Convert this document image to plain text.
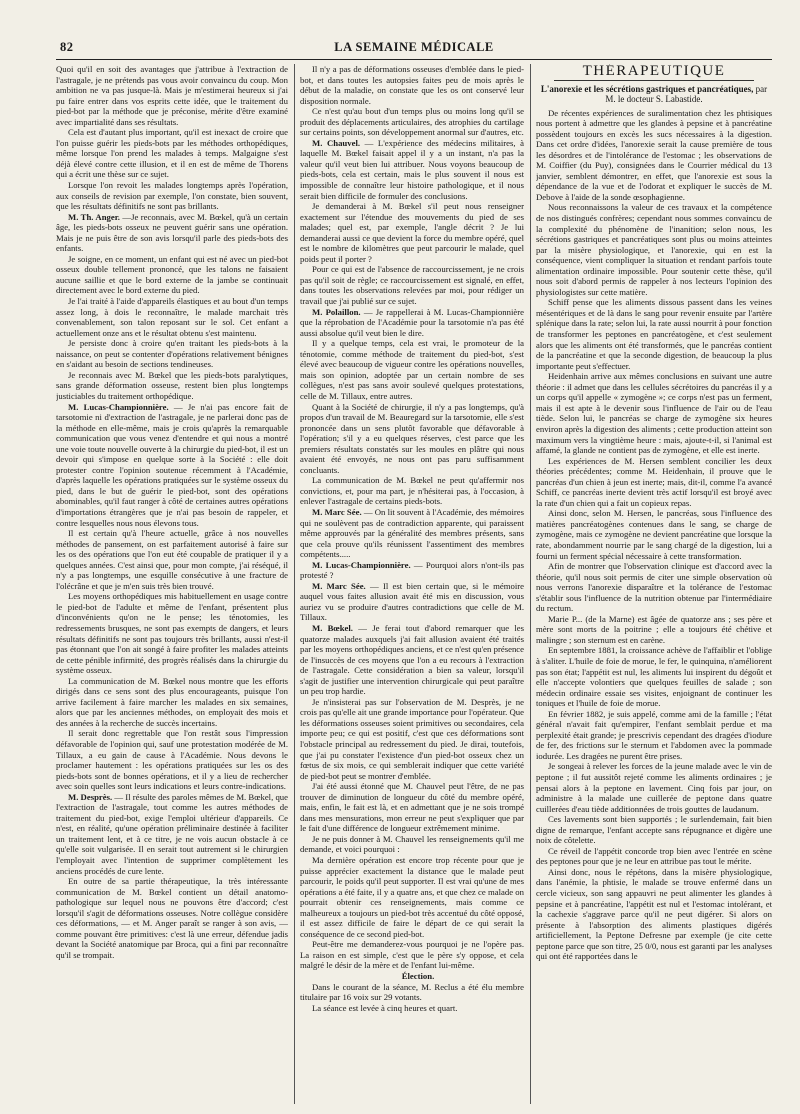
82	LA SEMAINE MÉDICALE

Quoi qu'il en soit des avantages que j'attribue à l'extraction de l'astragale, je ne prétends pas vous avoir convaincu du coup. Mon ambition ne va pas jusque-là. Mais je m'estimerai heureux si j'ai pu faire entrer dans vos esprits cette idée, que le traitement du pied-bot par la méthode que je préconise, mérite d'être examiné avec impartialité dans ses résultats.

Cela est d'autant plus important, qu'il est inexact de croire que l'on puisse guérir les pieds-bots par les méthodes orthopédiques, même lorsque l'on prend les malades à temps. Malgaigne s'est déjà élevé contre cette illusion, et il en est de même de Thorens qui a écrit une thèse sur ce sujet.

Lorsque l'on revoit les malades longtemps après l'opération, aux conseils de revision par exemple, l'on constate, bien souvent, que les résultats définitifs ne sont pas brillants.

M. Th. Anger. —Je reconnais, avec M. Bœkel, qu'à un certain âge, les pieds-bots osseux ne peuvent guérir sans une opération. Mais je ne puis être de son avis lorsqu'il parle des pieds-bots des enfants.

Je soigne, en ce moment, un enfant qui est né avec un pied-bot osseux double tellement prononcé, que les talons ne faisaient aucune saillie et que le bord externe de la jambe se continuait directement avec le bord externe du pied.

Je l'ai traité à l'aide d'appareils élastiques et au bout d'un temps assez long, à dois le reconnaître, le malade marchait très convenablement, son talon reposant sur le sol. Cet enfant a actuellement onze ans et le résultat obtenu s'est maintenu.

Je persiste donc à croire qu'en traitant les pieds-bots à la naissance, on peut se contenter d'opérations relativement bénignes en s'aidant au besoin de sections tendineuses.

Je reconnais avec M. Bœkel que les pieds-bots paralytiques, sans grande déformation osseuse, restent bien plus longtemps justiciables du traitement orthopédique.

M. Lucas-Championnière. — Je n'ai pas encore fait de tarsotomie ni d'extraction de l'astragale, je ne parlerai donc pas de la méthode en elle-même, mais je crois qu'après la remarquable communication que vous venez d'entendre et qui nous a montré une voie toute nouvelle ouverte à la chirurgie du pied-bot, il est un devoir qui s'impose en quelque sorte à la Société : elle doit protester contre l'opinion soutenue récemment à l'Académie, d'après laquelle les opérations pratiquées sur le système osseux du pied, dans le but de guérir le pied-bot, sont des opérations abominables, qu'il faut ranger à côté de certaines autres opérations d'importations étrangères que je n'ai pas besoin de rappeler, et contre lesquelles nous nous élevons tous.

Il est certain qu'à l'heure actuelle, grâce à nos nouvelles méthodes de pansement, on est parfaitement autorisé à faire sur les os des opérations que l'on eut été coupable de pratiquer il y a quelques années. C'est ainsi que, pour mon compte, j'ai réséqué, il n'y a pas longtemps, une esquille consécutive à une fracture de l'olécrâne et que je m'en suis très bien trouvé.

Les moyens orthopédiques mis habituellement en usage contre le pied-bot de l'adulte et même de l'enfant, présentent plus d'inconvénients qu'on ne le pense; les ténotomies, les redressements brusques, ne sont pas exempts de dangers, et leurs résultats définitifs ne sont pas toujours très brillants, aussi n'est-il pas étonnant que l'on ait songé à faire profiter les malades atteints de cette pénible infirmité, des progrès réalisés dans la chirurgie du système osseux.

La communication de M. Bœkel nous montre que les efforts dirigés dans ce sens sont des plus encourageants, puisque l'on arrive facilement à faire marcher les malades en six semaines, alors que par les anciennes méthodes, on employait des mois et des années à la recherche de succès incertains.

Il serait donc regrettable que l'on restât sous l'impression défavorable de l'opinion qui, sauf une protestation modérée de M. Tillaux, a eu gain de cause à l'Académie. Nous devons le proclamer hautement : les opérations pratiquées sur les os des pieds-bots sont de bonnes opérations, et il y a lieu de rechercher avec soin quelles sont leurs indications et leurs contre-indications.

M. Desprès. — Il résulte des paroles mêmes de M. Bœkel, que l'extraction de l'astragale, tout comme les autres méthodes de traitement du pied-bot, exige l'emploi ultérieur d'appareils. Ce n'est, en réalité, qu'une opération préliminaire destinée à faciliter un traitement lent, et à ce titre, je ne vois aucun obstacle à ce qu'elle soit vulgarisée. Il en serait tout autrement si le chirurgien l'employait avec l'intention de supprimer complètement les anciens procédés de cure lente.

En outre de sa partie thérapeutique, la très intéressante communication de M. Bœkel contient un détail anatomo-pathologique sur lequel nous ne pouvons être d'accord; c'est lorsqu'il s'agit de déformations osseuses. Notre collègue considère ces déformations, — et M. Anger paraît se ranger à son avis, — comme pouvant être primitives: c'est là une erreur, défendue jadis devant la Société anatomique par Broca, qui a fini par reconnaître qu'il se trompait.

Il n'y a pas de déformations osseuses d'emblée dans le pied-bot, et dans toutes les autopsies faites peu de mois après le début de la maladie, on constate que les os ont conservé leur disposition normale.

Ce n'est qu'au bout d'un temps plus ou moins long qu'il se produit des déplacements articulaires, des atrophies du cartilage sur certains points, son développement anormal sur d'autres, etc.

M. Chauvel. — L'expérience des médecins militaires, à laquelle M. Bœkel faisait appel il y a un instant, n'a pas la valeur qu'il veut bien lui attribuer. Nous voyons beaucoup de pieds-bots, cela est certain, mais le plus souvent il nous est impossible de connaître leur histoire pathologique, et il nous serait bien difficile de formuler des conclusions.

Je demanderai à M. Bœkel s'il peut nous renseigner exactement sur l'étendue des mouvements du pied de ses malades; quel est, par exemple, l'angle décrit ? Je lui demanderai aussi ce que devient la force du membre opéré, quel est le nombre de kilomètres que peut parcourir le malade, quel poids peut il porter ?

Pour ce qui est de l'absence de raccourcissement, je ne crois pas qu'il soit de règle; ce raccourcissement est signalé, en effet, dans toutes les observations relevées par moi, pour rédiger un travail que j'ai publié sur ce sujet.

M. Polaillon. — Je rappellerai à M. Lucas-Championnière que la réprobation de l'Académie pour la tarsotomie n'a pas été aussi absolue qu'il veut bien le dire.

Il y a quelque temps, cela est vrai, le promoteur de la ténotomie, comme méthode de traitement du pied-bot, s'est élevé avec beaucoup de vigueur contre les opérations nouvelles, mais son opinion, adoptée par un certain nombre de ses collègues, n'est pas sans avoir soulevé quelques protestations, celle de M. Tillaux, entre autres.

Quant à la Société de chirurgie, il n'y a pas longtemps, qu'à propos d'un travail de M. Beauregard sur la tarsotomie, elle s'est prononcée dans un sens plutôt favorable que défavorable à l'opération; s'il y a eu quelques réserves, c'est parce que les premiers résultats constatés sur les moules en plâtre qui nous avaient été envoyés, ne nous ont pas paru suffisamment concluants.

La communication de M. Bœkel ne peut qu'affermir nos convictions, et, pour ma part, je n'hésiterai pas, à l'occasion, à enlever l'astragale de certains pieds-bots.

M. Marc Sée. — On lit souvent à l'Académie, des mémoires qui ne soulèvent pas de contradiction apparente, qui paraissent même approuvés par la généralité des membres présents, sans que cela prouve qu'ils réunissent l'assentiment des membres compétents.....

M. Lucas-Championnière. — Pourquoi alors n'ont-ils pas protesté ?

M. Marc Sée. — Il est bien certain que, si le mémoire auquel vous faites allusion avait été mis en discussion, vous auriez vu se produire d'autres contradictions que celle de M. Tillaux.

M. Bœkel. — Je ferai tout d'abord remarquer que les quatorze malades auxquels j'ai fait allusion avaient été traités par les moyens orthopédiques anciens, et ce n'est qu'en présence de l'insuccès de ces moyens que l'on a eu recours à l'extraction de l'astragale. Cette considération a bien sa valeur, lorsqu'il s'agit de justifier une intervention chirurgicale qui peut paraître un peu trop hardie.

Je n'insisterai pas sur l'observation de M. Desprès, je ne crois pas qu'elle ait une grande importance pour l'opérateur. Que les déformations osseuses soient primitives ou secondaires, cela importe peu; ce qui est positif, c'est que ces déformations sont l'obstacle principal au redressement du pied. Je dirai, toutefois, que j'ai pu constater l'existence d'un pied-bot osseux chez un fœtus de six mois, ce qui semblerait indiquer que cette variété de pied-bot peut se montrer d'emblée.

J'ai été aussi étonné que M. Chauvel peut l'être, de ne pas trouver de diminution de longueur du côté du membre opéré, mais, enfin, le fait est là, et en admettant que je ne sois trompé dans mes mensurations, mon erreur ne peut s'expliquer que par le fait d'une différence de longueur extrêmement minime.

Je ne puis donner à M. Chauvel les renseignements qu'il me demande, et voici pourquoi :

Ma dernière opération est encore trop récente pour que je puisse apprécier exactement la distance que le malade peut parcourir, le poids qu'il peut supporter. Il est vrai qu'une de mes opérations a été faite, il y a quatre ans, et que chez ce malade on pourrait obtenir ces renseignements, mais comme ce malheureux a toujours un pied-bot très accentué du côté opposé, il est assez difficile de faire le départ de ce qui serait la conséquence de ce second pied-bot.

Peut-être me demanderez-vous pourquoi je ne l'opère pas. La raison en est simple, c'est que le père s'y oppose, et cela malgré le désir de la mère et de l'enfant lui-même.

Élection.

Dans le courant de la séance, M. Reclus a été élu membre titulaire par 16 voix sur 29 votants.

La séance est levée à cinq heures et quart.

THÉRAPEUTIQUE
L'anorexie et les sécrétions gastriques et pancréatiques, par M. le docteur S. Labastide.

De récentes expériences de suralimentation chez les phtisiques nous portent à admettre que les glandes à pepsine et à pancréatine possèdent toujours en excès les sucs nécessaires à la digestion. Dans cet ordre d'idées, l'anorexie serait la cause première de tous les désordres et de l'intolérance de l'estomac ; les observations de M. Coiffier (du Puy), consignées dans le Courrier médical du 13 janvier, semblent démontrer, en effet, que l'anorexie est sous la dépendance de la vue et de l'odorat et expliquer le succès de M. Debove à l'aide de la sonde œsophagienne.

Nous reconnaissons la valeur de ces travaux et la compétence de nos distingués confrères; cependant nous sommes convaincu de la complexité du phénomène de l'inanition; selon nous, les sécrétions gastriques et pancréatiques sont plus ou moins atteintes par la misère physiologique, et l'anorexie, qui en est la conséquence, vient compliquer la situation et rendant parfois toute alimentation ordinaire impossible. Pour soutenir cette thèse, qu'il nous soit d'abord permis de rappeler à nos lecteurs l'opinion des physiologistes sur cette matière.

Schiff pense que les aliments dissous passent dans les veines mésentériques et de là dans le sang pour revenir ensuite par l'artère splénique dans la rate; selon lui, la rate aussi nourrit à pour fonction de transformer les peptones en pancréatogène, et c'est seulement alors que les aliments ont été transformés, que le pancréas contient de la pancréatine et que la seconde digestion, de beaucoup la plus importante peut s'effectuer.

Heidenhain arrive aux mêmes conclusions en suivant une autre théorie : il admet que dans les cellules sécrétoires du pancréas il y a un corps qu'il appelle « zymogène »; ce corps n'est pas un ferment, mais il est apte à le devenir sous l'influence de l'air ou de l'eau tiède. Selon lui, le pancréas se charge de zymogène six heures environ après la digestion des aliments ; cette production atteint son maximum vers la vingtième heure : mais, ajoute-t-il, si l'animal est affamé, la glande ne contient pas de zymogène, et elle est inerte.

Les expériences de M. Hersen semblent concilier les deux théories précédentes; comme M. Heidenhain, il prouve que le pancréas d'un chien à jeun est inerte; mais, dit-il, comme l'a avancé Schiff, ce pancréas inerte devient très actif lorsqu'il est broyé avec la rate d'un chien qui a fait un copieux repas.

Ainsi donc, selon M. Hersen, le pancréas, sous l'influence des matières pancréatogènes contenues dans le sang, se charge de zymogène, mais ce zymogène ne devient pancréatine que lorsque la rate, abondamment nourrie par le sang chargé de la digestion, lui a fourni un ferment spécial nécessaire à cette transformation.

Afin de montrer que l'observation clinique est d'accord avec la théorie, qu'il nous soit permis de citer une simple observation où nous verrons l'anorexie disparaître et la tolérance de l'estomac s'établir sous l'influence de la nutrition obtenue par l'intermédiaire du rectum.

Marie P... (de la Marne) est âgée de quatorze ans ; ses père et mère sont morts de la poitrine ; elle a toujours été chétive et malingre ; son sternum est en carène.

En septembre 1881, la croissance achève de l'affaiblir et l'oblige à s'aliter. L'huile de foie de morue, le fer, le quinquina, n'améliorent pas son état; l'appétit est nul, les aliments lui inspirent du dégoût et elle n'accepte volontiers que quelques feuilles de salade ; son médecin ordinaire essaie ses visites, enjoignant de continuer les toniques et l'huile de foie de morue.

En février 1882, je suis appelé, comme ami de la famille ; l'état général n'avait fait qu'empirer, l'enfant semblait perdue et ma perplexité était grande; je prescrivis cependant des dragées d'iodure de fer, des frictions sur le sternum et l'abdomen avec la pommade iodurée. Les dragées ne purent être prises.

Je songeai à relever les forces de la jeune malade avec le vin de peptone ; il fut aussitôt rejeté comme les aliments ordinaires ; je pensai alors à la peptone en lavement. Cinq fois par jour, on administre à la malade une cuillerée de peptone dans quatre cuillerées d'eau tiède additionnées de trois gouttes de laudanum.

Ces lavements sont bien supportés ; le surlendemain, fait bien digne de remarque, l'enfant accepte sans répugnance et digère une noix de côtelette.

Ce réveil de l'appétit concorde trop bien avec l'entrée en scène des peptones pour que je ne leur en attribue pas tout le mérite.

Ainsi donc, nous le répétons, dans la misère physiologique, dans l'anémie, la phtisie, le malade se trouve enfermé dans un cercle vicieux, son sang appauvri ne peut alimenter les glandes à pepsine et à pancréatine, l'appétit est nul et l'estomac intolérant, et la cachexie s'aggrave parce qu'il ne peut digérer. Si alors on présente à l'absorption des aliments plastiques digérés artificiellement, la Peptone Defresne par exemple (je cite cette peptone parce que son titre, 25 0/0, nous est garanti par les analyses qui ont été rapportées dans le
